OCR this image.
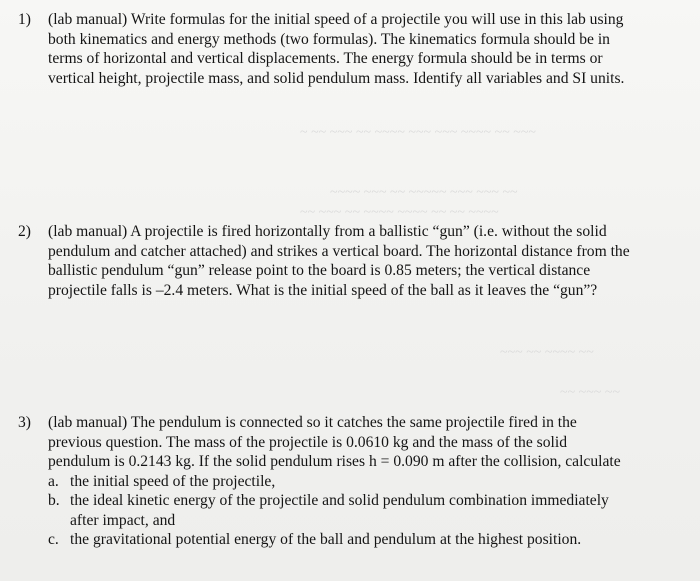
~ ~~ ~~~ ~~ ~~~~ ~~~ ~~~ ~~~~ ~~ ~~~
~~~~ ~~~ ~~ ~~~~~ ~~~ ~~~ ~~
~~ ~~~ ~~ ~~~~ ~~~~ ~~ ~~ ~~~~
~~~ ~~ ~~~~ ~~
~~ ~~~ ~~
1) (lab manual) Write formulas for the initial speed of a projectile you will use in this lab using
both kinematics and energy methods (two formulas). The kinematics formula should be in
terms of horizontal and vertical displacements. The energy formula should be in terms or
vertical height, projectile mass, and solid pendulum mass. Identify all variables and SI units.
2) (lab manual) A projectile is fired horizontally from a ballistic “gun” (i.e. without the solid
pendulum and catcher attached) and strikes a vertical board. The horizontal distance from the
ballistic pendulum “gun” release point to the board is 0.85 meters; the vertical distance
projectile falls is –2.4 meters. What is the initial speed of the ball as it leaves the “gun”?
3) (lab manual) The pendulum is connected so it catches the same projectile fired in the
previous question. The mass of the projectile is 0.0610 kg and the mass of the solid
pendulum is 0.2143 kg. If the solid pendulum rises h = 0.090 m after the collision, calculate
a. the initial speed of the projectile,
b. the ideal kinetic energy of the projectile and solid pendulum combination immediately
after impact, and
c. the gravitational potential energy of the ball and pendulum at the highest position.
